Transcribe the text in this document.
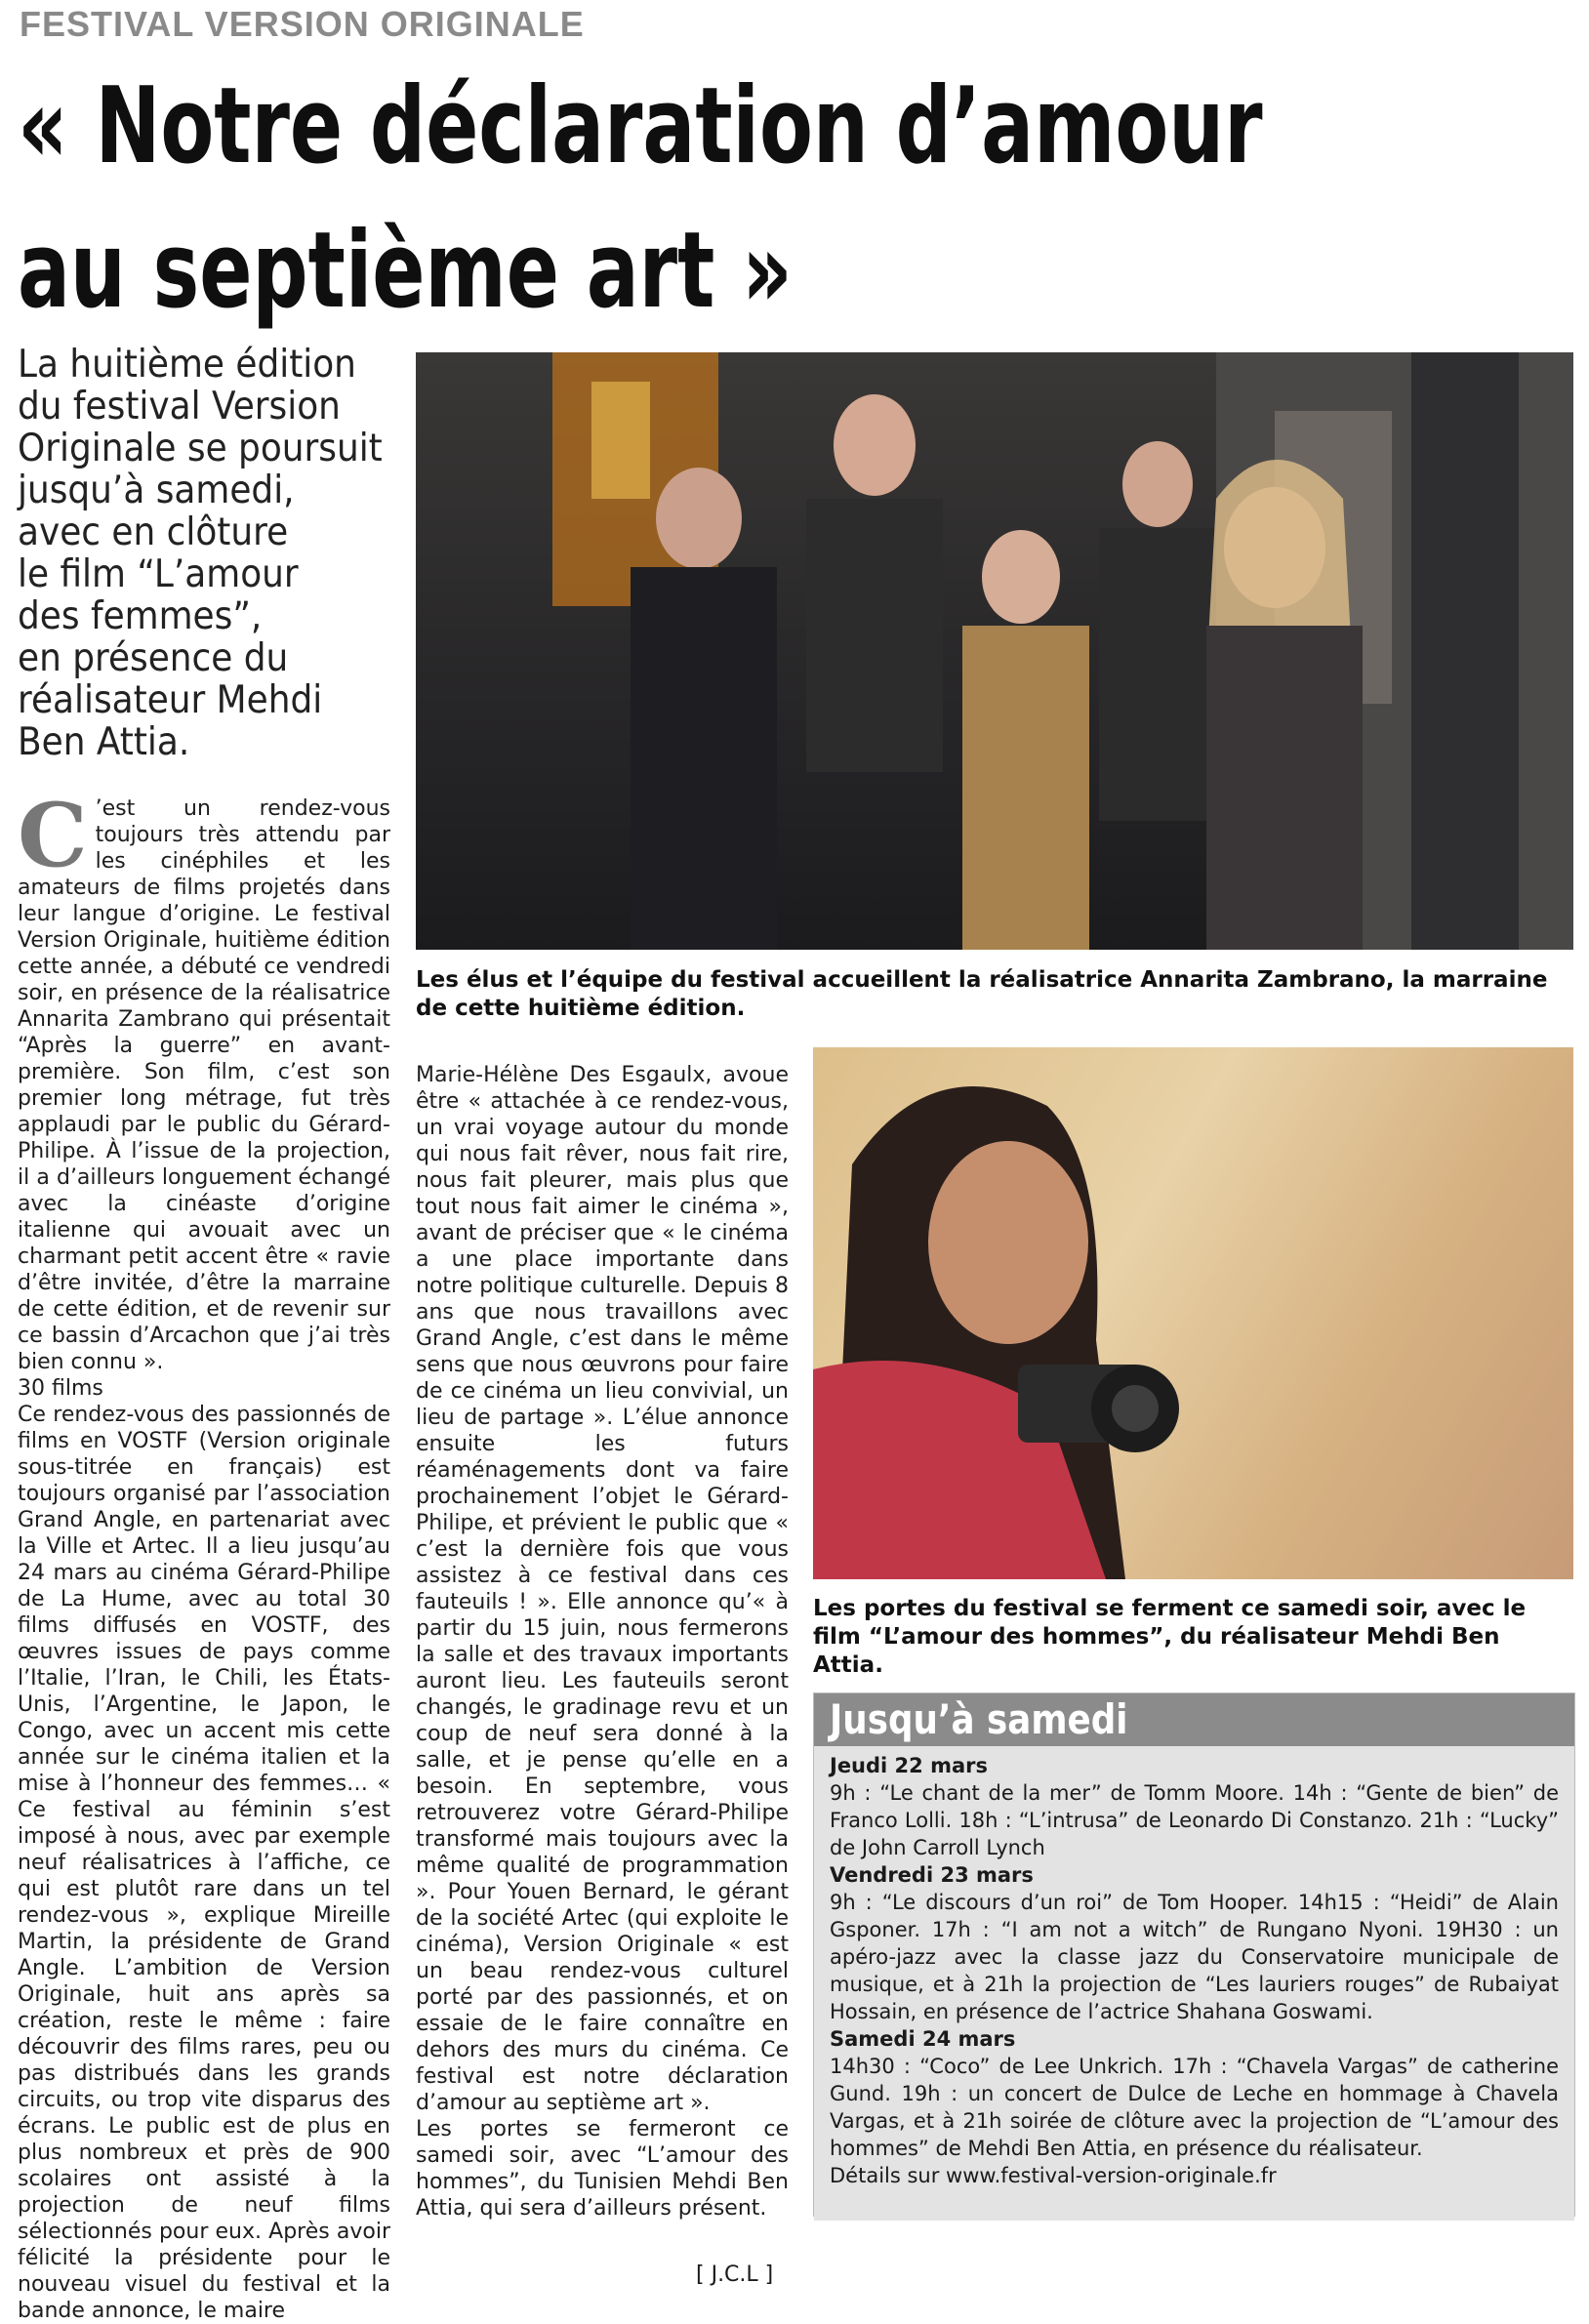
FESTIVAL VERSION ORIGINALE
« Notre déclaration d’amour
au septième art »

La huitième édition
du festival Version
Originale se poursuit
jusqu’à samedi,
avec en clôture
le film “L’amour
des femmes”,
en présence du
réalisateur Mehdi
Ben Attia.

C ’est un rendez-vous toujours très attendu par les cinéphiles et les amateurs de films projetés dans leur langue d’origine. Le festival Version Originale, huitième édition cette année, a débuté ce vendredi soir, en présence de la réalisatrice Annarita Zambrano qui présentait “Après la guerre” en avant-première. Son film, c’est son premier long métrage, fut très applaudi par le public du Gérard-Philipe. À l’issue de la projection, il a d’ailleurs longuement échangé avec la cinéaste d’origine italienne qui avouait avec un charmant petit accent être « ravie d’être invitée, d’être la marraine de cette édition, et de revenir sur ce bassin d’Arcachon que j’ai très bien connu ».

30 films

Ce rendez-vous des passionnés de films en VOSTF (Version originale sous-titrée en français) est toujours organisé par l’association Grand Angle, en partenariat avec la Ville et Artec. Il a lieu jusqu’au 24 mars au cinéma Gérard-Philipe de La Hume, avec au total 30 films diffusés en VOSTF, des œuvres issues de pays comme l’Italie, l’Iran, le Chili, les États-Unis, l’Argentine, le Japon, le Congo, avec un accent mis cette année sur le cinéma italien et la mise à l’honneur des femmes… « Ce festival au féminin s’est imposé à nous, avec par exemple neuf réalisatrices à l’affiche, ce qui est plutôt rare dans un tel rendez-vous », explique Mireille Martin, la présidente de Grand Angle. L’ambition de Version Originale, huit ans après sa création, reste le même : faire découvrir des films rares, peu ou pas distribués dans les grands circuits, ou trop vite disparus des écrans. Le public est de plus en plus nombreux et près de 900 scolaires ont assisté à la projection de neuf films sélectionnés pour eux. Après avoir félicité la présidente pour le nouveau visuel du festival et la bande annonce, le maire

Les élus et l’équipe du festival accueillent la réalisatrice Annarita Zambrano, la marraine de cette huitième édition.

Marie-Hélène Des Esgaulx, avoue être « attachée à ce rendez-vous, un vrai voyage autour du monde qui nous fait rêver, nous fait rire, nous fait pleurer, mais plus que tout nous fait aimer le cinéma », avant de préciser que « le cinéma a une place importante dans notre politique culturelle. Depuis 8 ans que nous travaillons avec Grand Angle, c’est dans le même sens que nous œuvrons pour faire de ce cinéma un lieu convivial, un lieu de partage ». L’élue annonce ensuite les futurs réaménagements dont va faire prochainement l’objet le Gérard-Philipe, et prévient le public que « c’est la dernière fois que vous assistez à ce festival dans ces fauteuils ! ». Elle annonce qu’« à partir du 15 juin, nous fermerons la salle et des travaux importants auront lieu. Les fauteuils seront changés, le gradinage revu et un coup de neuf sera donné à la salle, et je pense qu’elle en a besoin. En septembre, vous retrouverez votre Gérard-Philipe transformé mais toujours avec la même qualité de programmation ». Pour Youen Bernard, le gérant de la société Artec (qui exploite le cinéma), Version Originale « est un beau rendez-vous culturel porté par des passionnés, et on essaie de le faire connaître en dehors des murs du cinéma. Ce festival est notre déclaration d’amour au septième art ».

Les portes se fermeront ce samedi soir, avec “L’amour des hommes”, du Tunisien Mehdi Ben Attia, qui sera d’ailleurs présent.

Les portes du festival se ferment ce samedi soir, avec le film “L’amour des hommes”, du réalisateur Mehdi Ben Attia.
Jusqu’à samedi
Jeudi 22 mars
9h : “Le chant de la mer” de Tomm Moore. 14h : “Gente de bien” de Franco Lolli. 18h : “L’intrusa” de Leonardo Di Constanzo. 21h : “Lucky” de John Carroll Lynch
Vendredi 23 mars
9h : “Le discours d’un roi” de Tom Hooper. 14h15 : “Heidi” de Alain Gsponer. 17h : “I am not a witch” de Rungano Nyoni. 19H30 : un apéro-jazz avec la classe jazz du Conservatoire municipale de musique, et à 21h la projection de “Les lauriers rouges” de Rubaiyat Hossain, en présence de l’actrice Shahana Goswami.
Samedi 24 mars
14h30 : “Coco” de Lee Unkrich. 17h : “Chavela Vargas” de catherine Gund. 19h : un concert de Dulce de Leche en hommage à Chavela Vargas, et à 21h soirée de clôture avec la projection de “L’amour des hommes” de Mehdi Ben Attia, en présence du réalisateur.
Détails sur www.festival-version-originale.fr
[ J.C.L ]
